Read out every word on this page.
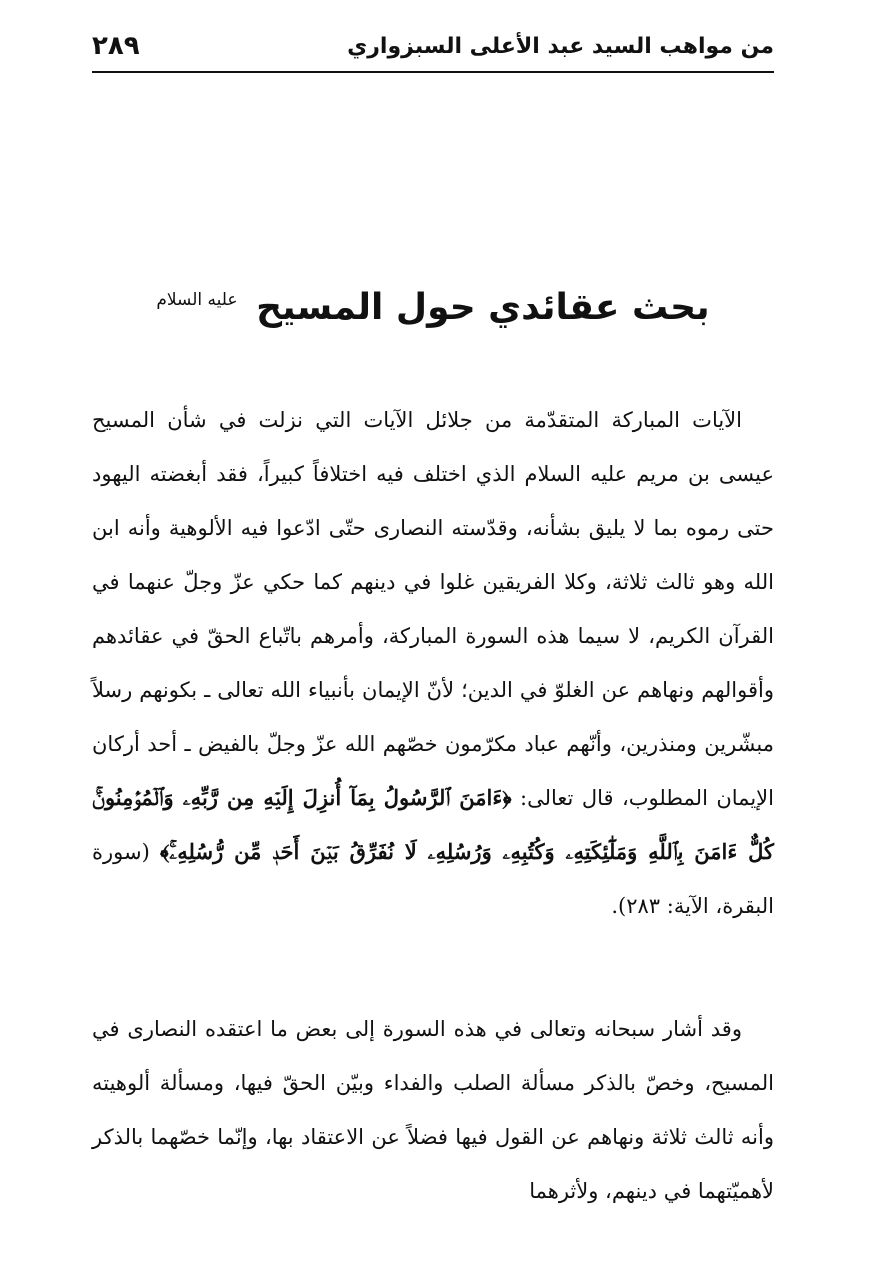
٢٨٩	من مواهب السيد عبد الأعلى السبزواري
بحث عقائدي حول المسيح $^{عليه السلام}$

الآيات المباركة المتقدّمة من جلائل الآيات التي نزلت في شأن المسيح عيسى بن مريم عليه السلام الذي اختلف فيه اختلافاً كبيراً، فقد أبغضته اليهود حتى رموه بما لا يليق بشأنه، وقدّسته النصارى حتّى ادّعوا فيه الألوهية وأنه ابن الله وهو ثالث ثلاثة، وكلا الفريقين غلوا في دينهم كما حكي عزّ وجلّ عنهما في القرآن الكريم، لا سيما هذه السورة المباركة، وأمرهم باتّباع الحقّ في عقائدهم وأقوالهم ونهاهم عن الغلوّ في الدين؛ لأنّ الإيمان بأنبياء الله تعالى ـ بكونهم رسلاً مبشّرين ومنذرين، وأنّهم عباد مكرّمون خصّهم الله عزّ وجلّ بالفيض ـ أحد أركان الإيمان المطلوب، قال تعالى: ﴿ءَامَنَ ٱلرَّسُولُ بِمَآ أُنزِلَ إِلَيۡهِ مِن رَّبِّهِۦ وَٱلۡمُؤۡمِنُونَۚ كُلٌّ ءَامَنَ بِٱللَّهِ وَمَلَٰٓئِكَتِهِۦ وَكُتُبِهِۦ وَرُسُلِهِۦ لَا نُفَرِّقُ بَيۡنَ أَحَدٖ مِّن رُّسُلِهِۦۚ﴾ (سورة البقرة، الآية: ٢٨٣).

وقد أشار سبحانه وتعالى في هذه السورة إلى بعض ما اعتقده النصارى في المسيح، وخصّ بالذكر مسألة الصلب والفداء وبيّن الحقّ فيها، ومسألة ألوهيته وأنه ثالث ثلاثة ونهاهم عن القول فيها فضلاً عن الاعتقاد بها، وإنّما خصّهما بالذكر لأهميّتهما في دينهم، ولأثرهما
